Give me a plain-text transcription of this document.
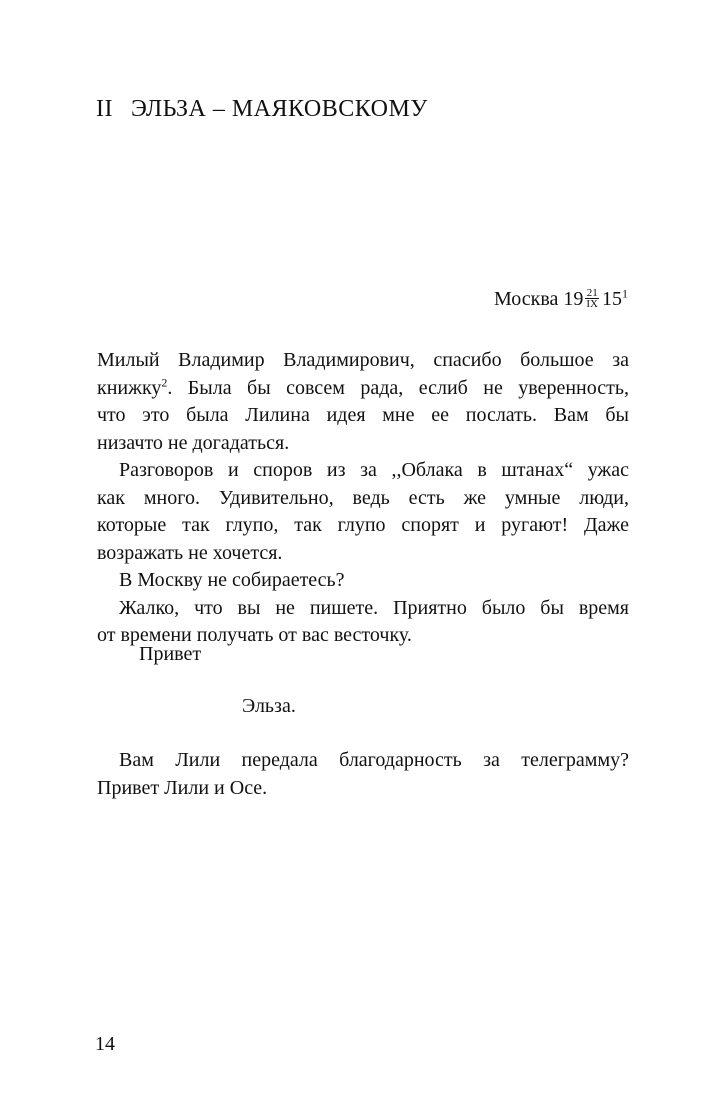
II ЭЛЬЗА – МАЯКОВСКОМУ
Москва $19 \frac{21}{IX} 15^1$

Милый Владимир Владимирович, спасибо большое за
книжку$^2$. Была бы совсем рада, еслиб не уверенность,
что это была Лилина идея мне ее послать. Вам бы
низачто не догадаться.

Разговоров и споров из за ,,Облака в штанах“ ужас
как много. Удивительно, ведь есть же умные люди,
которые так глупо, так глупо спорят и ругают! Даже
возражать не хочется.

В Москву не собираетесь?

Жалко, что вы не пишете. Приятно было бы время
от времени получать от вас весточку.

Привет
Эльза.

Вам Лили передала благодарность за телеграмму?
Привет Лили и Осе.

14
